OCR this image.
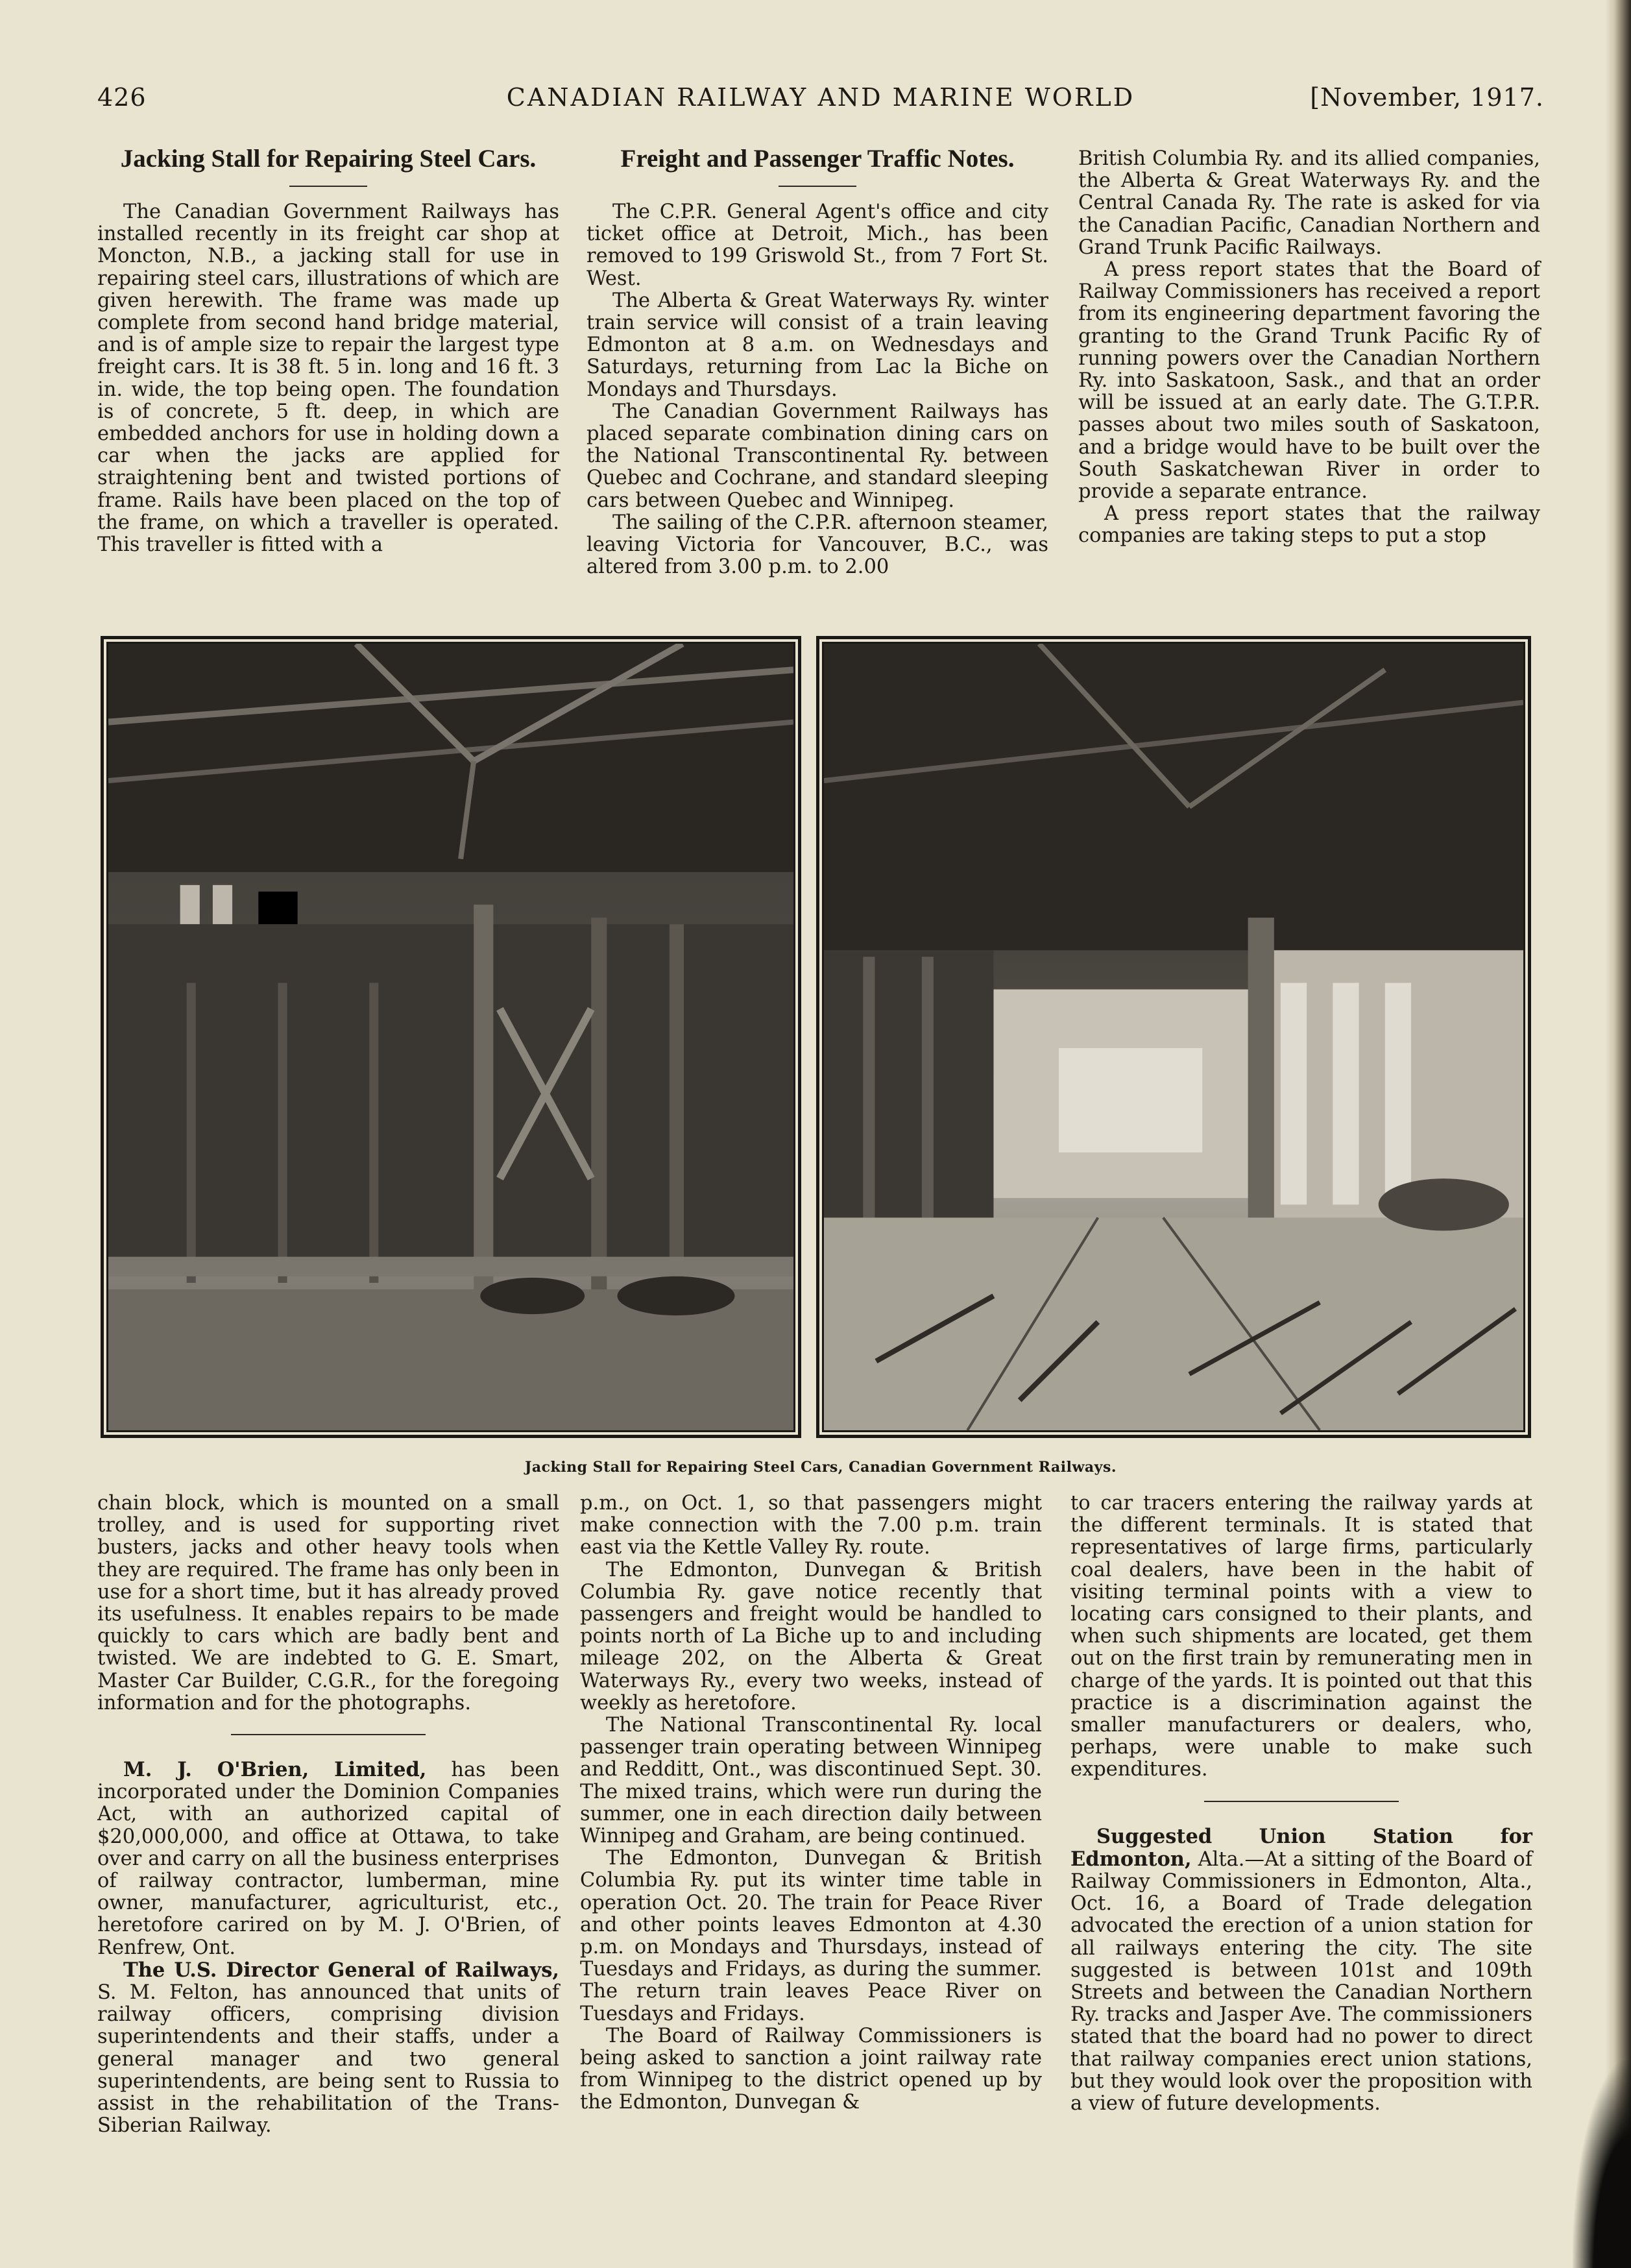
426	CANADIAN RAILWAY AND MARINE WORLD	[November, 1917.
Jacking Stall for Repairing Steel Cars.

The Canadian Government Railways has installed recently in its freight car shop at Moncton, N.B., a jacking stall for use in repairing steel cars, illustrations of which are given herewith. The frame was made up complete from second hand bridge material, and is of ample size to repair the largest type freight cars. It is 38 ft. 5 in. long and 16 ft. 3 in. wide, the top being open. The foundation is of concrete, 5 ft. deep, in which are embedded anchors for use in holding down a car when the jacks are applied for straightening bent and twisted portions of frame. Rails have been placed on the top of the frame, on which a traveller is operated. This traveller is fitted with a

Freight and Passenger Traffic Notes.

The C.P.R. General Agent's office and city ticket office at Detroit, Mich., has been removed to 199 Griswold St., from 7 Fort St. West.

The Alberta & Great Waterways Ry. winter train service will consist of a train leaving Edmonton at 8 a.m. on Wednesdays and Saturdays, returning from Lac la Biche on Mondays and Thursdays.

The Canadian Government Railways has placed separate combination dining cars on the National Transcontinental Ry. between Quebec and Cochrane, and standard sleeping cars between Quebec and Winnipeg.

The sailing of the C.P.R. afternoon steamer, leaving Victoria for Vancouver, B.C., was altered from 3.00 p.m. to 2.00

British Columbia Ry. and its allied companies, the Alberta & Great Waterways Ry. and the Central Canada Ry. The rate is asked for via the Canadian Pacific, Canadian Northern and Grand Trunk Pacific Railways.

A press report states that the Board of Railway Commissioners has received a report from its engineering department favoring the granting to the Grand Trunk Pacific Ry of running powers over the Canadian Northern Ry. into Saskatoon, Sask., and that an order will be issued at an early date. The G.T.P.R. passes about two miles south of Saskatoon, and a bridge would have to be built over the South Saskatchewan River in order to provide a separate entrance.

A press report states that the railway companies are taking steps to put a stop

Jacking Stall for Repairing Steel Cars, Canadian Government Railways.

chain block, which is mounted on a small trolley, and is used for supporting rivet busters, jacks and other heavy tools when they are required. The frame has only been in use for a short time, but it has already proved its usefulness. It enables repairs to be made quickly to cars which are badly bent and twisted. We are indebted to G. E. Smart, Master Car Builder, C.G.R., for the foregoing information and for the photographs.

M. J. O'Brien, Limited, has been incorporated under the Dominion Companies Act, with an authorized capital of $20,000,000, and office at Ottawa, to take over and carry on all the business enterprises of railway contractor, lumberman, mine owner, manufacturer, agriculturist, etc., heretofore carired on by M. J. O'Brien, of Renfrew, Ont.

The U.S. Director General of Railways, S. M. Felton, has announced that units of railway officers, comprising division superintendents and their staffs, under a general manager and two general superintendents, are being sent to Russia to assist in the rehabilitation of the Trans-Siberian Railway.

p.m., on Oct. 1, so that passengers might make connection with the 7.00 p.m. train east via the Kettle Valley Ry. route.

The Edmonton, Dunvegan & British Columbia Ry. gave notice recently that passengers and freight would be handled to points north of La Biche up to and including mileage 202, on the Alberta & Great Waterways Ry., every two weeks, instead of weekly as heretofore.

The National Transcontinental Ry. local passenger train operating between Winnipeg and Redditt, Ont., was discontinued Sept. 30. The mixed trains, which were run during the summer, one in each direction daily between Winnipeg and Graham, are being continued.

The Edmonton, Dunvegan & British Columbia Ry. put its winter time table in operation Oct. 20. The train for Peace River and other points leaves Edmonton at 4.30 p.m. on Mondays and Thursdays, instead of Tuesdays and Fridays, as during the summer. The return train leaves Peace River on Tuesdays and Fridays.

The Board of Railway Commissioners is being asked to sanction a joint railway rate from Winnipeg to the district opened up by the Edmonton, Dunvegan &

to car tracers entering the railway yards at the different terminals. It is stated that representatives of large firms, particularly coal dealers, have been in the habit of visiting terminal points with a view to locating cars consigned to their plants, and when such shipments are located, get them out on the first train by remunerating men in charge of the yards. It is pointed out that this practice is a discrimination against the smaller manufacturers or dealers, who, perhaps, were unable to make such expenditures.

Suggested Union Station for Edmonton, Alta.—At a sitting of the Board of Railway Commissioners in Edmonton, Alta., Oct. 16, a Board of Trade delegation advocated the erection of a union station for all railways entering the city. The site suggested is between 101st and 109th Streets and between the Canadian Northern Ry. tracks and Jasper Ave. The commissioners stated that the board had no power to direct that railway companies erect union stations, but they would look over the proposition with a view of future developments.
